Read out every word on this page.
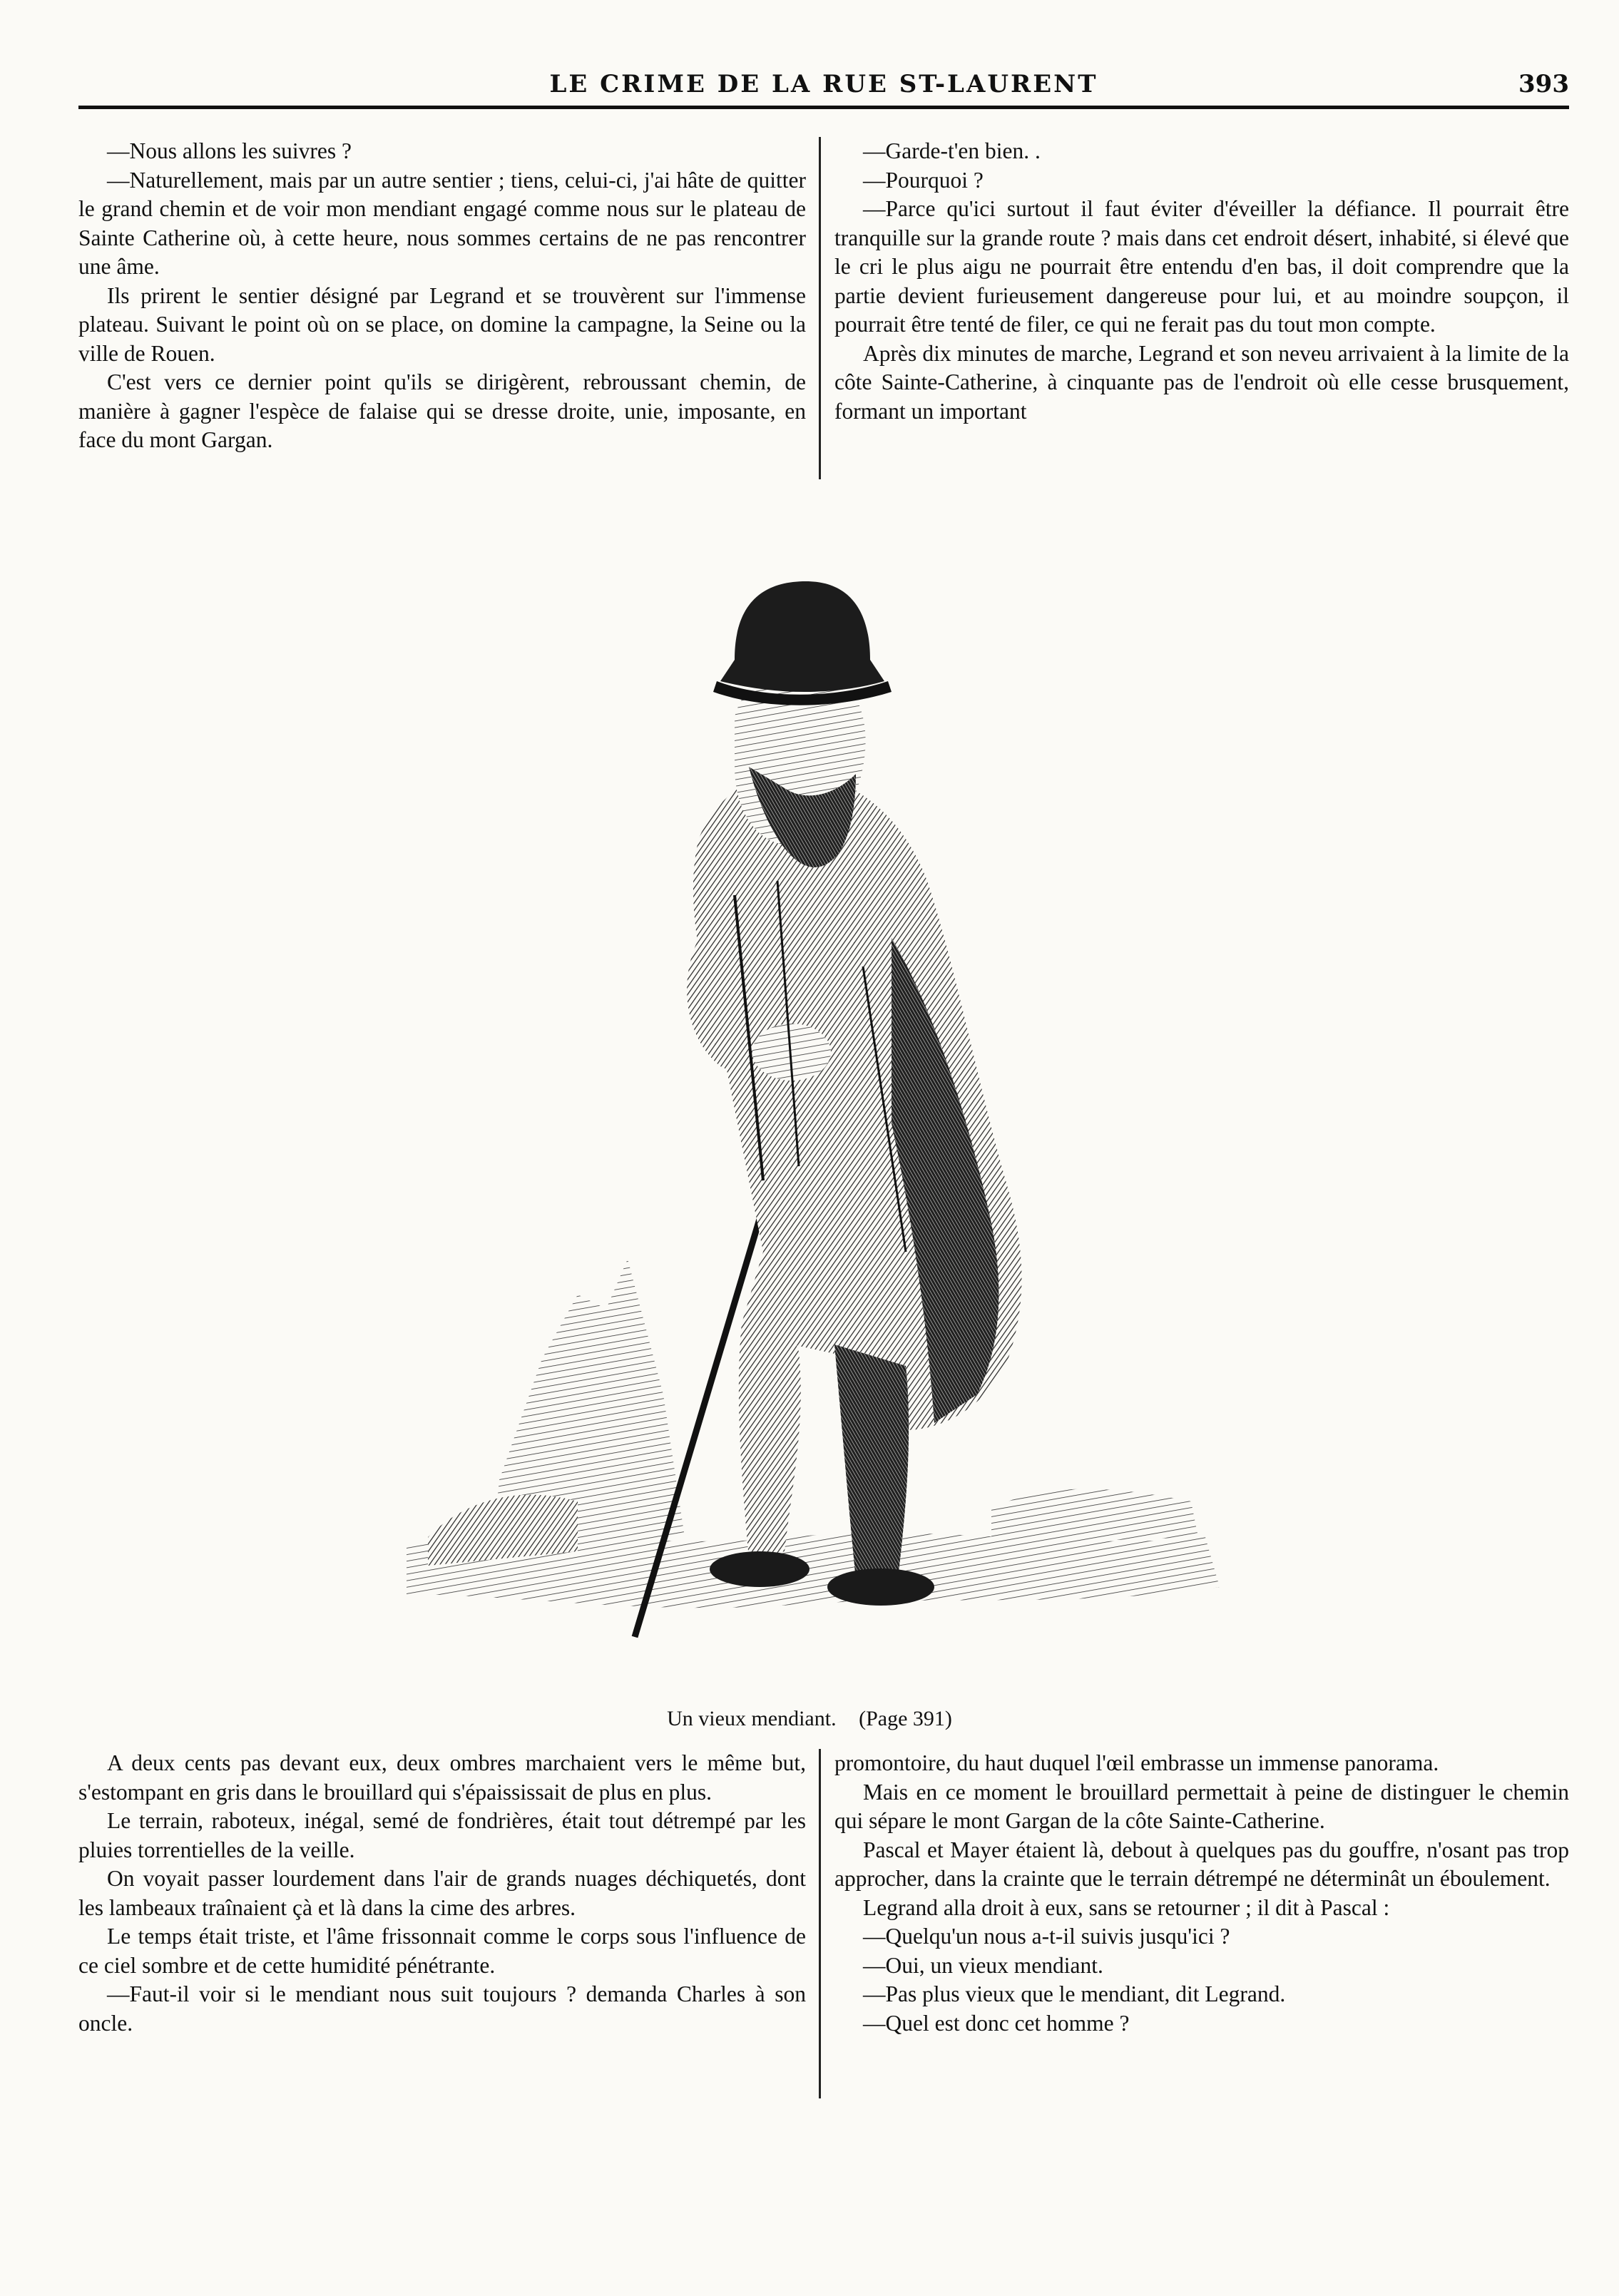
LE CRIME DE LA RUE ST-LAURENT	393

—Nous allons les suivres ?

—Naturellement, mais par un autre sentier ; tiens, celui-ci, j'ai hâte de quitter le grand chemin et de voir mon mendiant engagé comme nous sur le plateau de Sainte Catherine où, à cette heure, nous sommes certains de ne pas rencontrer une âme.

Ils prirent le sentier désigné par Legrand et se trouvèrent sur l'immense plateau. Suivant le point où on se place, on domine la campagne, la Seine ou la ville de Rouen.

C'est vers ce dernier point qu'ils se dirigèrent, rebroussant chemin, de manière à gagner l'espèce de falaise qui se dresse droite, unie, imposante, en face du mont Gargan.

—Garde-t'en bien. .

—Pourquoi ?

—Parce qu'ici surtout il faut éviter d'éveiller la défiance. Il pourrait être tranquille sur la grande route ? mais dans cet endroit désert, inhabité, si élevé que le cri le plus aigu ne pourrait être entendu d'en bas, il doit comprendre que la partie devient furieusement dangereuse pour lui, et au moindre soupçon, il pourrait être tenté de filer, ce qui ne ferait pas du tout mon compte.

Après dix minutes de marche, Legrand et son neveu arrivaient à la limite de la côte Sainte-Catherine, à cinquante pas de l'endroit où elle cesse brusquement, formant un important

Un vieux mendiant. (Page 391)

A deux cents pas devant eux, deux ombres marchaient vers le même but, s'estompant en gris dans le brouillard qui s'épaississait de plus en plus.

Le terrain, raboteux, inégal, semé de fondrières, était tout détrempé par les pluies torrentielles de la veille.

On voyait passer lourdement dans l'air de grands nuages déchiquetés, dont les lambeaux traînaient çà et là dans la cime des arbres.

Le temps était triste, et l'âme frissonnait comme le corps sous l'influence de ce ciel sombre et de cette humidité pénétrante.

—Faut-il voir si le mendiant nous suit toujours ? demanda Charles à son oncle.

promontoire, du haut duquel l'œil embrasse un immense panorama.

Mais en ce moment le brouillard permettait à peine de distinguer le chemin qui sépare le mont Gargan de la côte Sainte-Catherine.

Pascal et Mayer étaient là, debout à quelques pas du gouffre, n'osant pas trop approcher, dans la crainte que le terrain détrempé ne déterminât un éboulement.

Legrand alla droit à eux, sans se retourner ; il dit à Pascal :

—Quelqu'un nous a-t-il suivis jusqu'ici ?

—Oui, un vieux mendiant.

—Pas plus vieux que le mendiant, dit Legrand.

—Quel est donc cet homme ?
